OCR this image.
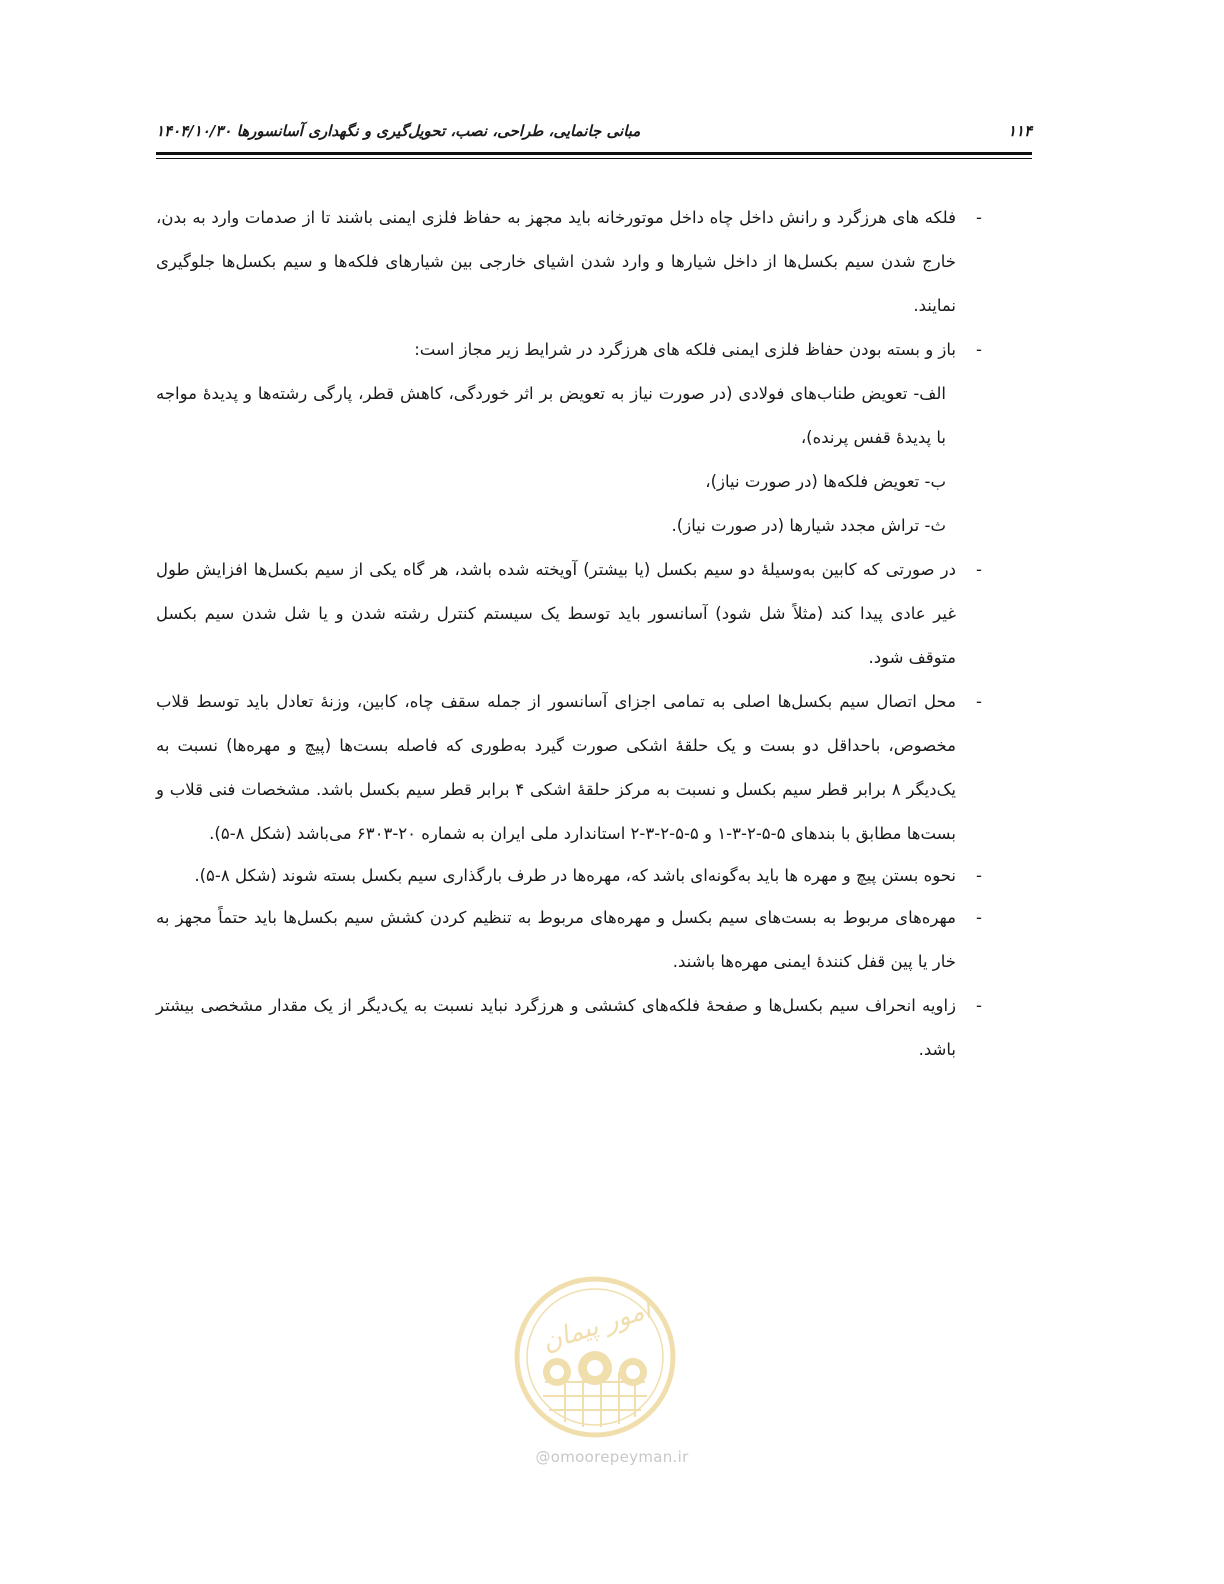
۱۱۴
مبانی جانمایی، طراحی، نصب، تحویل‌گیری و نگهداری آسانسورها ۱۴۰۴/۱۰/۳۰
-
فلکه های هرزگرد و رانش داخل چاه داخل موتورخانه باید مجهز به حفاظ فلزی ایمنی باشند تا از صدمات وارد به بدن، خارج شدن سیم بکسل‌ها از داخل شیارها و وارد شدن اشیای خارجی بین شیارهای فلکه‌ها و سیم بکسل‌ها جلوگیری نمایند.
-
باز و بسته بودن حفاظ فلزی ایمنی فلکه های هرزگرد در شرایط زیر مجاز است:
الف- تعویض طناب‌های فولادی (در صورت نیاز به تعویض بر اثر خوردگی، کاهش قطر، پارگی رشته‌ها و پدیدهٔ مواجه با پدیدهٔ قفس پرنده)،
ب- تعویض فلکه‌ها (در صورت نیاز)،
ث- تراش مجدد شیارها (در صورت نیاز).
-
در صورتی که کابین به‌وسیلهٔ دو سیم بکسل (یا بیشتر) آویخته شده باشد، هر گاه یکی از سیم بکسل‌ها افزایش طول غیر عادی پیدا کند (مثلاً شل شود) آسانسور باید توسط یک سیستم کنترل رشته شدن و یا شل شدن سیم بکسل متوقف شود.
-
محل اتصال سیم بکسل‌ها اصلی به تمامی اجزای آسانسور از جمله سقف چاه، کابین، وزنهٔ تعادل باید توسط قلاب مخصوص، باحداقل دو بست و یک حلقهٔ اشکی صورت گیرد به‌طوری که فاصله بست‌ها (پیچ و مهره‌ها) نسبت به یک‌دیگر ۸ برابر قطر سیم بکسل و نسبت به مرکز حلقهٔ اشکی ۴ برابر قطر سیم بکسل باشد. مشخصات فنی قلاب و بست‌ها مطابق با بندهای ۵-۵-۲-۳-۱ و ۵-۵-۲-۳-۲ استاندارد ملی ایران به شماره ۲۰-۶۳۰۳ می‌باشد (شکل ۸-۵).
-
نحوه بستن پیچ و مهره ها باید به‌گونه‌ای باشد که، مهره‌ها در طرف بارگذاری سیم بکسل بسته شوند (شکل ۸-۵).
-
مهره‌های مربوط به بست‌های سیم بکسل و مهره‌های مربوط به تنظیم کردن کشش سیم بکسل‌ها باید حتماً مجهز به خار یا پین قفل کنندهٔ ایمنی مهره‌ها باشند.
-
زاویه انحراف سیم بکسل‌ها و صفحهٔ فلکه‌های کششی و هرزگرد نباید نسبت به یک‌دیگر از یک مقدار مشخصی بیشتر باشد.
امور پیمان
@omoorepeyman.ir
